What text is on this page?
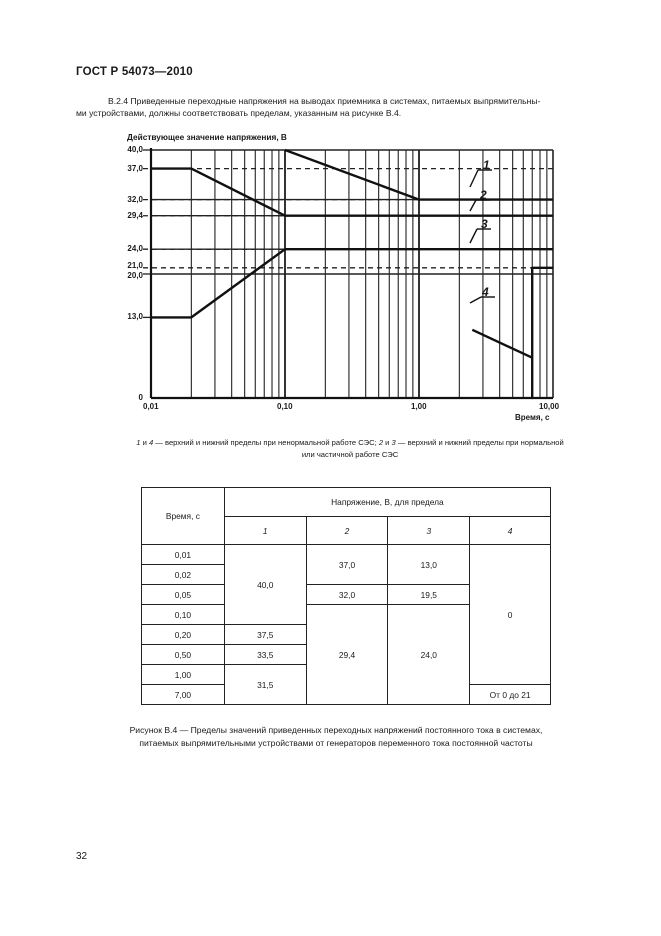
ГОСТ Р 54073—2010
В.2.4 Приведенные переходные напряжения на выводах приемника в системах, питаемых выпрямительны-
ми устройствами, должны соответствовать пределам, указанным на рисунке В.4.
Действующее значение напряжения, В
0
13,0
20,0
21,0
24,0
29,4
32,0
37,0
40,0
0,01	0,10	1,00	10,00
Время, с
1
2
3
4
1 и 4 — верхний и нижний пределы при ненормальной работе СЭС; 2 и 3 — верхний и нижний пределы при нормальной
или частичной работе СЭС
Время, с	Напряжение, В, для предела			
	1	2	3	4
0,01	40,0	37,0	13,0	0
0,02				
0,05		32,0	19,5	
0,10		29,4	24,0	
0,20	37,5			
0,50	33,5			
1,00	31,5			
7,00				От 0 до 21
Рисунок В.4 — Пределы значений приведенных переходных напряжений постоянного тока в системах,
питаемых выпрямительными устройствами от генераторов переменного тока постоянной частоты
32
